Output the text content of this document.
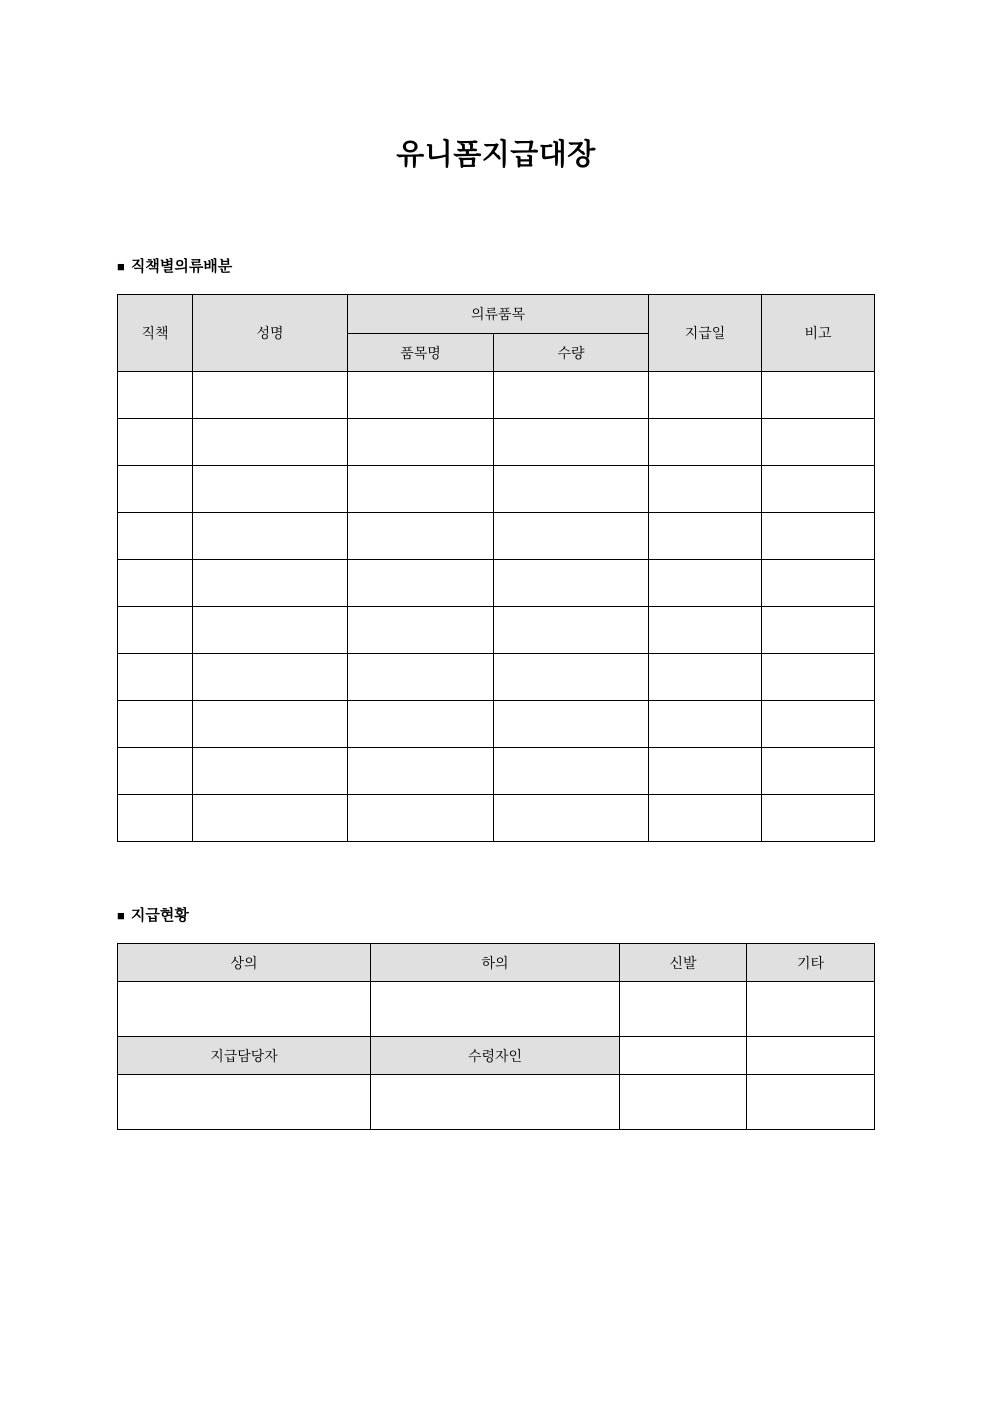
유니폼지급대장
■ 직책별의류배분
직책	성명	의류품목		지급일	비고
		품목명	수량		

■ 지급현황
상의	하의	신발	기타

지급담당자	수령자인		
